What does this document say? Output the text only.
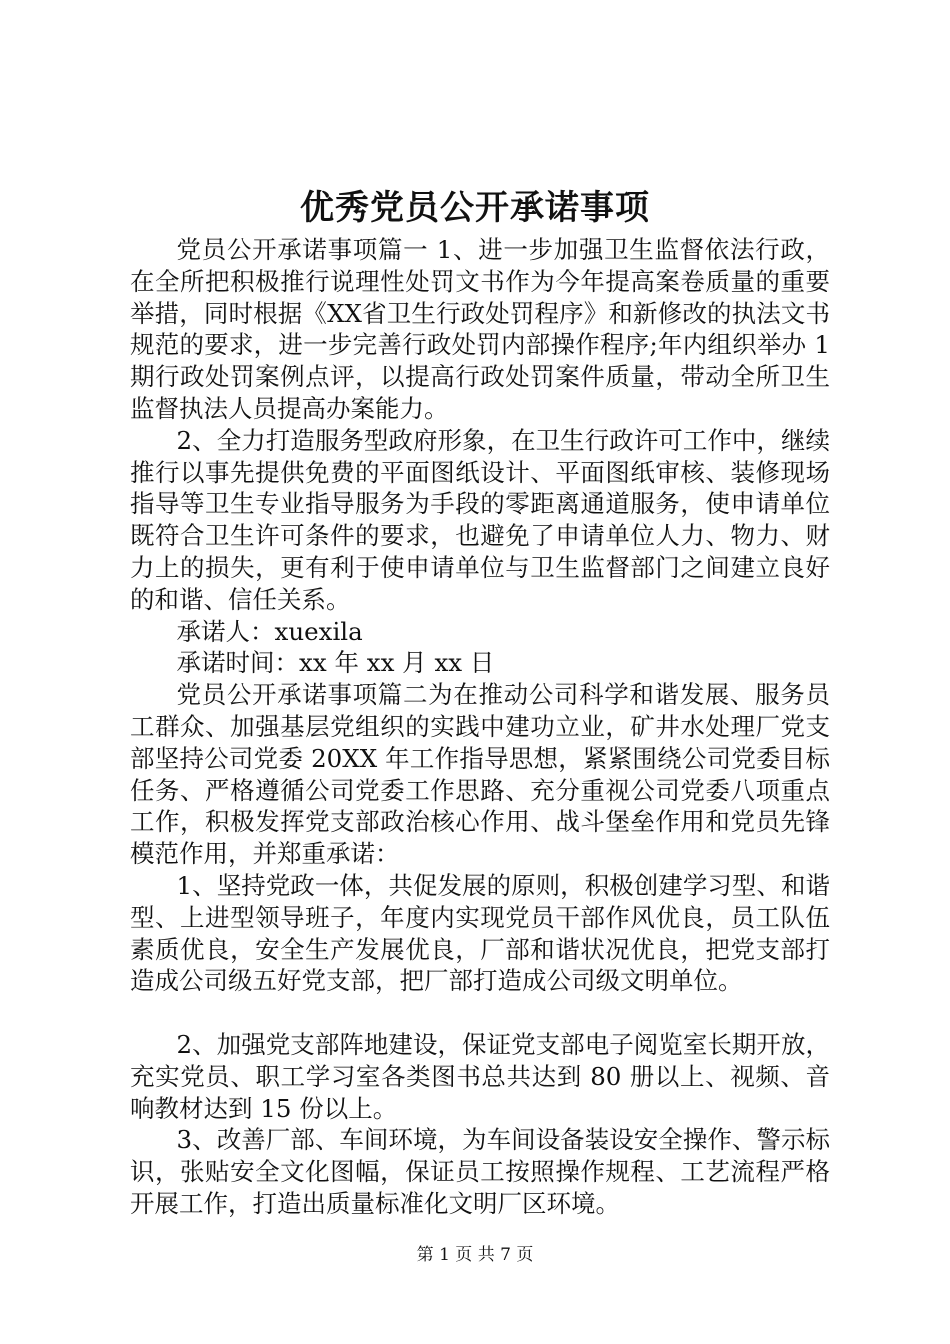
优秀党员公开承诺事项

党员公开承诺事项篇一 1、进一步加强卫生监督依法行政，在全所把积极推行说理性处罚文书作为今年提高案卷质量的重要举措，同时根据《XX省卫生行政处罚程序》和新修改的执法文书规范的要求，进一步完善行政处罚内部操作程序;年内组织举办 1 期行政处罚案例点评，以提高行政处罚案件质量，带动全所卫生监督执法人员提高办案能力。

2、全力打造服务型政府形象，在卫生行政许可工作中，继续推行以事先提供免费的平面图纸设计、平面图纸审核、装修现场指导等卫生专业指导服务为手段的零距离通道服务，使申请单位既符合卫生许可条件的要求，也避免了申请单位人力、物力、财力上的损失，更有利于使申请单位与卫生监督部门之间建立良好的和谐、信任关系。

承诺人：xuexila

承诺时间：xx 年 xx 月 xx 日

党员公开承诺事项篇二为在推动公司科学和谐发展、服务员工群众、加强基层党组织的实践中建功立业，矿井水处理厂党支部坚持公司党委 20XX 年工作指导思想，紧紧围绕公司党委目标任务、严格遵循公司党委工作思路、充分重视公司党委八项重点工作，积极发挥党支部政治核心作用、战斗堡垒作用和党员先锋模范作用，并郑重承诺：

1、坚持党政一体，共促发展的原则，积极创建学习型、和谐型、上进型领导班子，年度内实现党员干部作风优良，员工队伍素质优良，安全生产发展优良，厂部和谐状况优良，把党支部打造成公司级五好党支部，把厂部打造成公司级文明单位。

2、加强党支部阵地建设，保证党支部电子阅览室长期开放，充实党员、职工学习室各类图书总共达到 80 册以上、视频、音响教材达到 15 份以上。

3、改善厂部、车间环境，为车间设备装设安全操作、警示标识，张贴安全文化图幅，保证员工按照操作规程、工艺流程严格开展工作，打造出质量标准化文明厂区环境。

第 1 页 共 7 页
